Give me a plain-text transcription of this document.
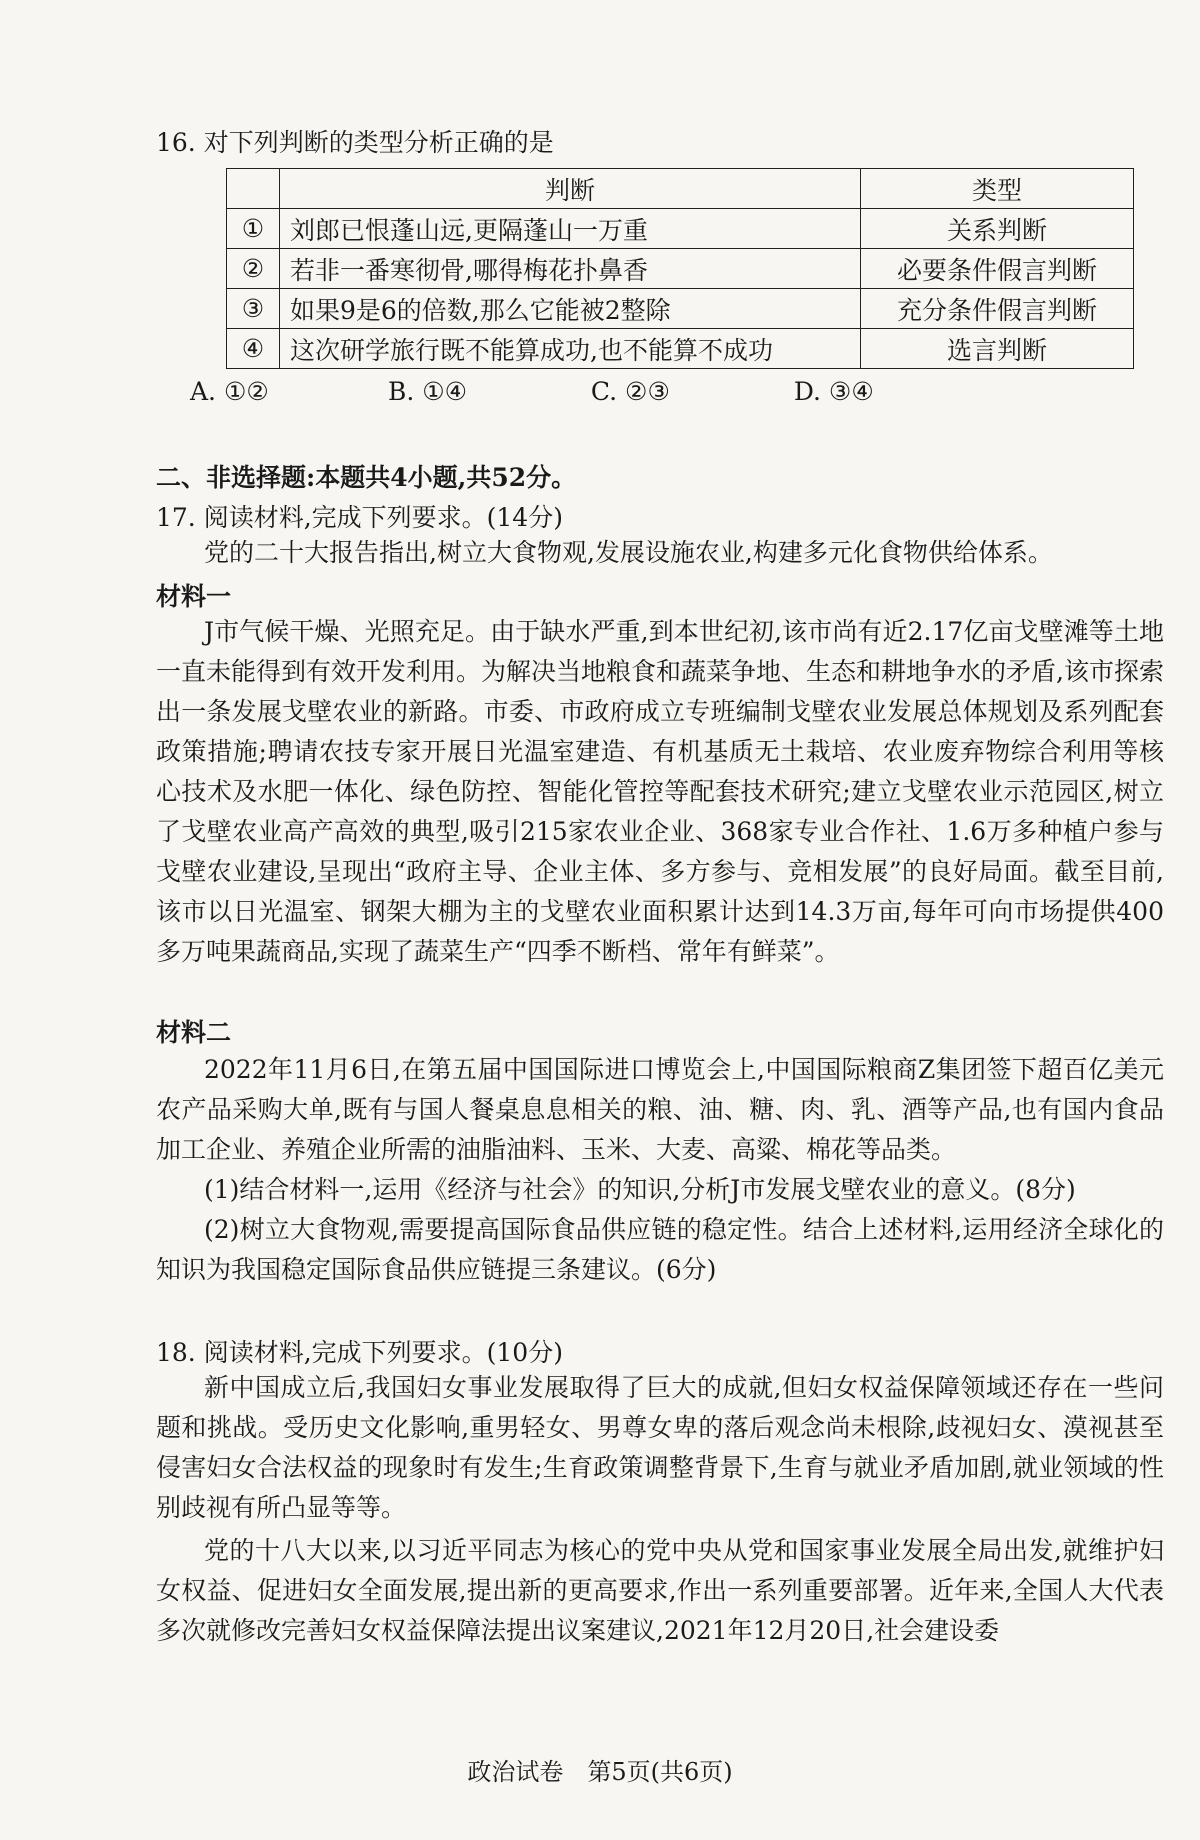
16. 对下列判断的类型分析正确的是
	判断	类型
①	刘郎已恨蓬山远,更隔蓬山一万重	关系判断
②	若非一番寒彻骨,哪得梅花扑鼻香	必要条件假言判断
③	如果9是6的倍数,那么它能被2整除	充分条件假言判断
④	这次研学旅行既不能算成功,也不能算不成功	选言判断
A. ①②	B. ①④	C. ②③	D. ③④
二、非选择题:本题共4小题,共52分。
17. 阅读材料,完成下列要求。(14分)
党的二十大报告指出,树立大食物观,发展设施农业,构建多元化食物供给体系。
材料一
J市气候干燥、光照充足。由于缺水严重,到本世纪初,该市尚有近2.17亿亩戈壁滩等土地一直未能得到有效开发利用。为解决当地粮食和蔬菜争地、生态和耕地争水的矛盾,该市探索出一条发展戈壁农业的新路。市委、市政府成立专班编制戈壁农业发展总体规划及系列配套政策措施;聘请农技专家开展日光温室建造、有机基质无土栽培、农业废弃物综合利用等核心技术及水肥一体化、绿色防控、智能化管控等配套技术研究;建立戈壁农业示范园区,树立了戈壁农业高产高效的典型,吸引215家农业企业、368家专业合作社、1.6万多种植户参与戈壁农业建设,呈现出“政府主导、企业主体、多方参与、竞相发展”的良好局面。截至目前,该市以日光温室、钢架大棚为主的戈壁农业面积累计达到14.3万亩,每年可向市场提供400多万吨果蔬商品,实现了蔬菜生产“四季不断档、常年有鲜菜”。
材料二
2022年11月6日,在第五届中国国际进口博览会上,中国国际粮商Z集团签下超百亿美元农产品采购大单,既有与国人餐桌息息相关的粮、油、糖、肉、乳、酒等产品,也有国内食品加工企业、养殖企业所需的油脂油料、玉米、大麦、高粱、棉花等品类。
(1)结合材料一,运用《经济与社会》的知识,分析J市发展戈壁农业的意义。(8分)
(2)树立大食物观,需要提高国际食品供应链的稳定性。结合上述材料,运用经济全球化的知识为我国稳定国际食品供应链提三条建议。(6分)
18. 阅读材料,完成下列要求。(10分)
新中国成立后,我国妇女事业发展取得了巨大的成就,但妇女权益保障领域还存在一些问题和挑战。受历史文化影响,重男轻女、男尊女卑的落后观念尚未根除,歧视妇女、漠视甚至侵害妇女合法权益的现象时有发生;生育政策调整背景下,生育与就业矛盾加剧,就业领域的性别歧视有所凸显等等。
党的十八大以来,以习近平同志为核心的党中央从党和国家事业发展全局出发,就维护妇女权益、促进妇女全面发展,提出新的更高要求,作出一系列重要部署。近年来,全国人大代表多次就修改完善妇女权益保障法提出议案建议,2021年12月20日,社会建设委
政治试卷　第5页(共6页)
